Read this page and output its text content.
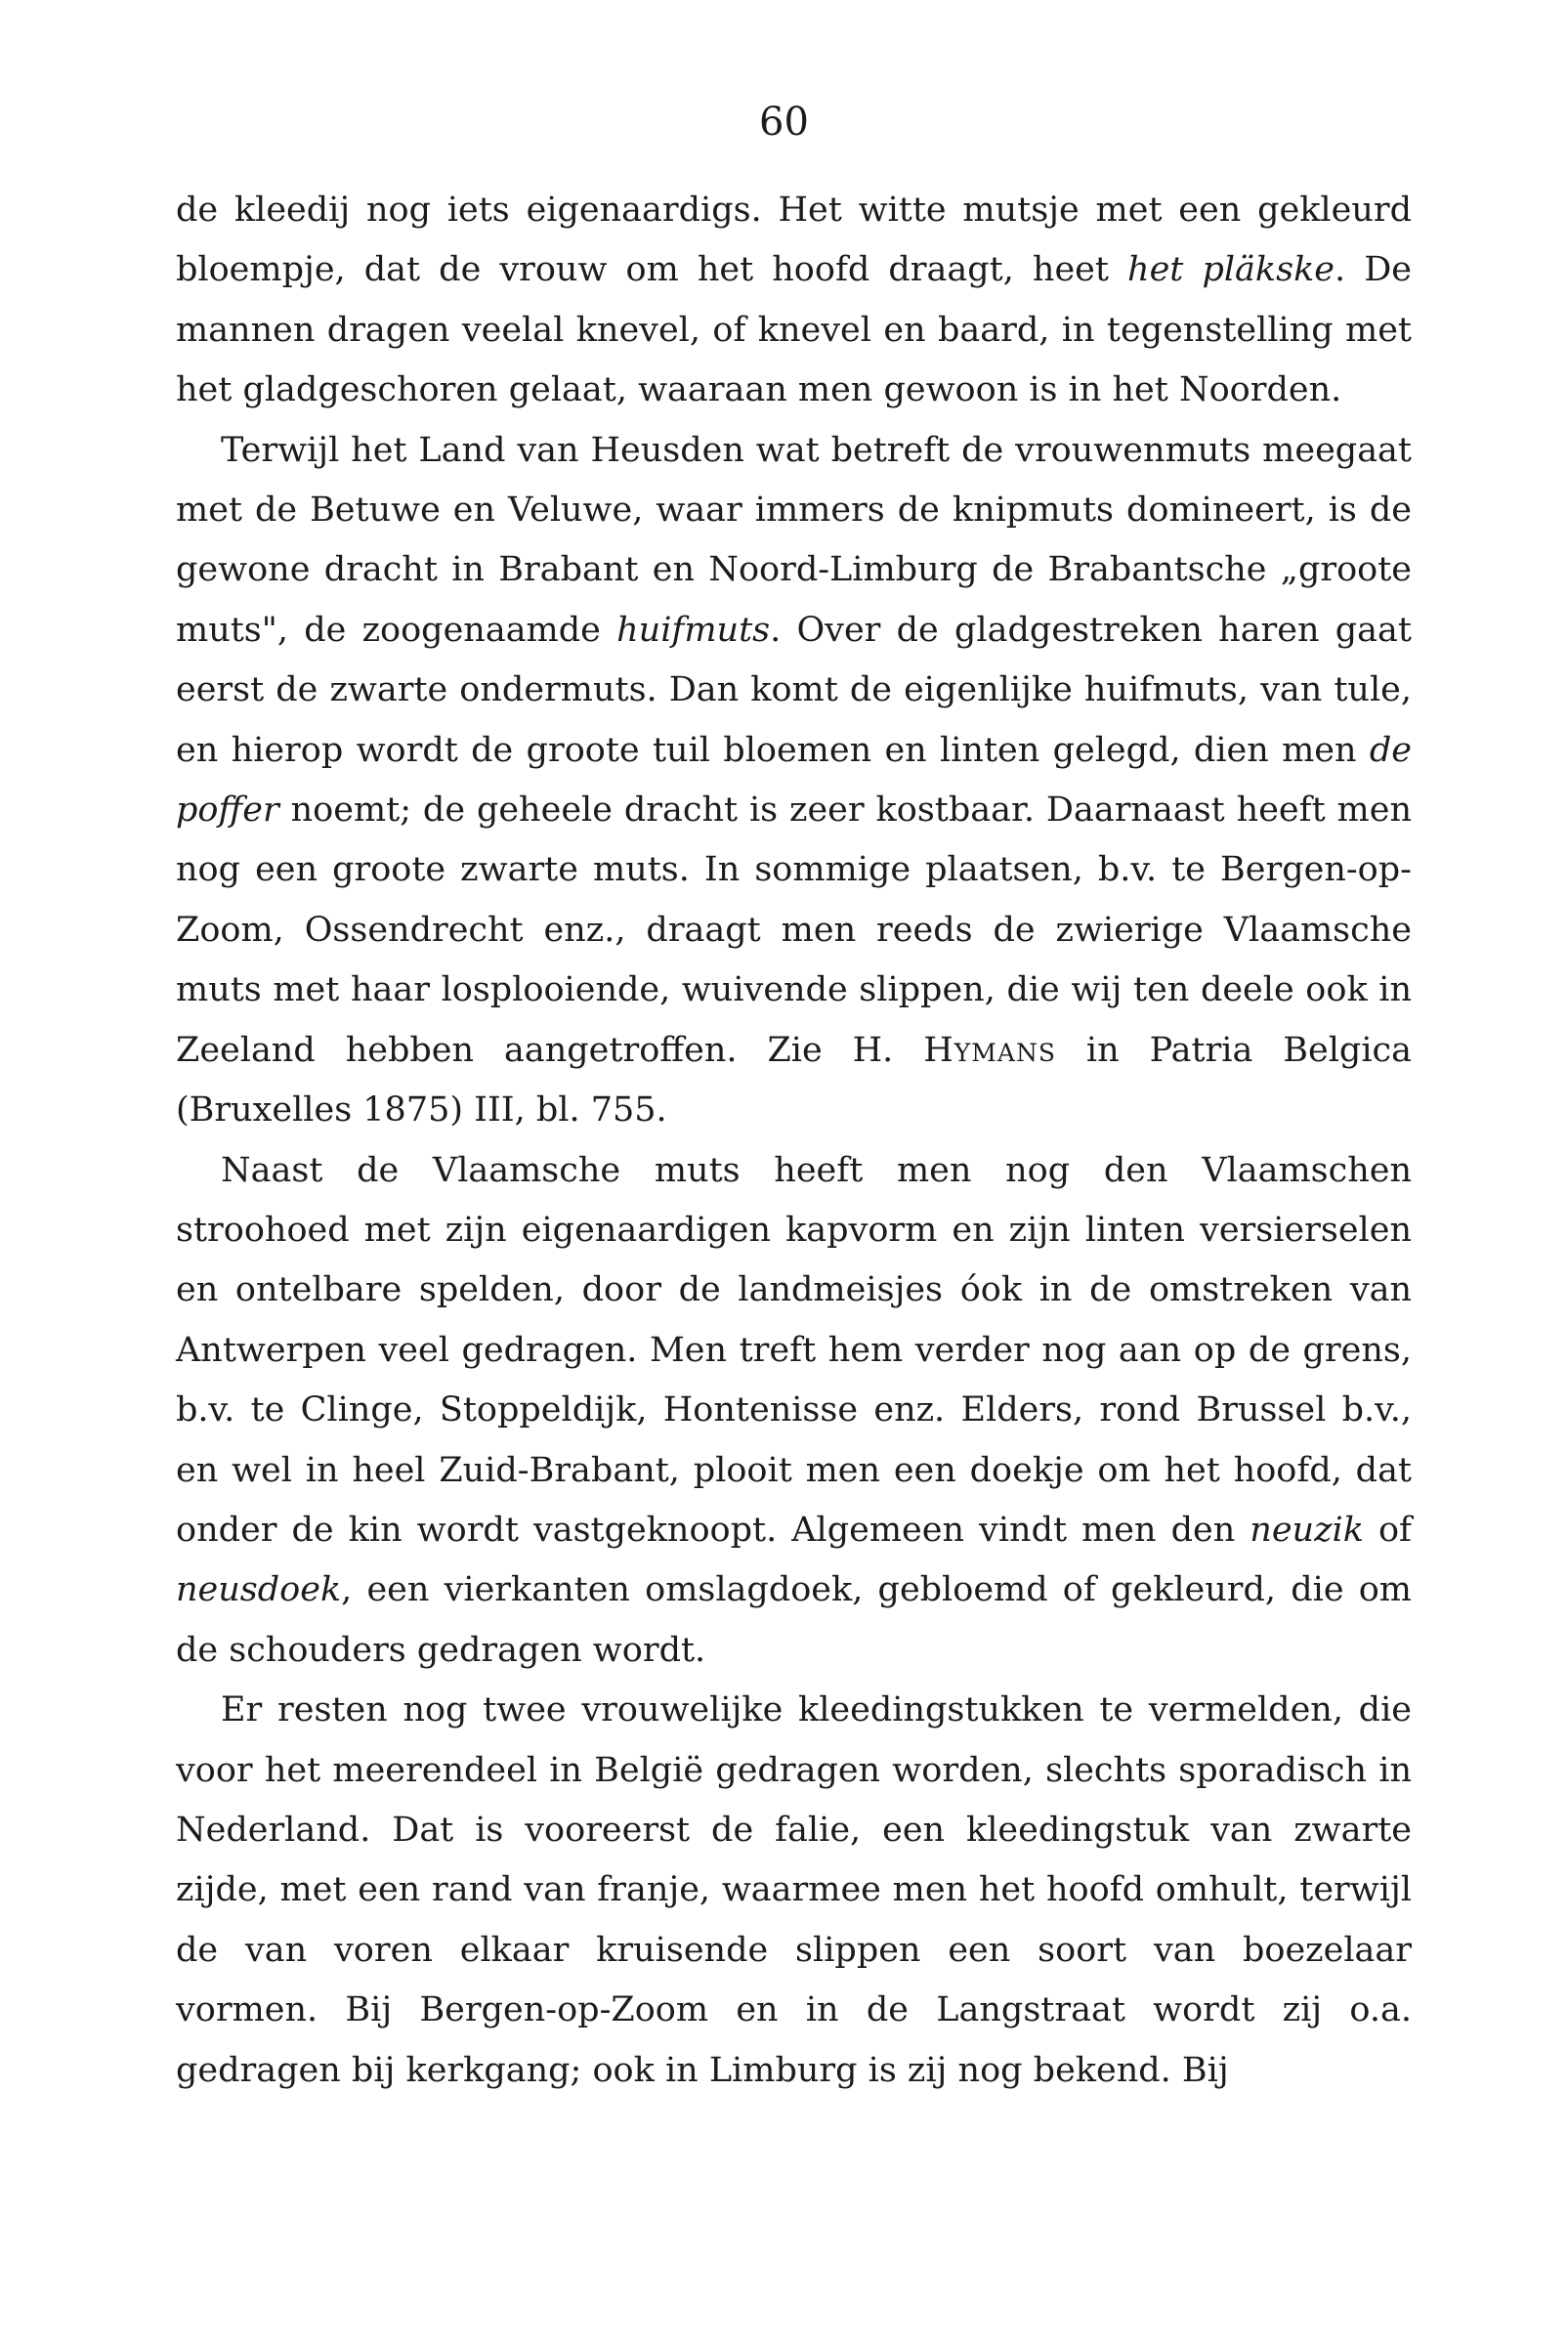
60

de kleedij nog iets eigenaardigs. Het witte mutsje met een gekleurd bloempje, dat de vrouw om het hoofd draagt, heet het pläkske. De mannen dragen veelal knevel, of knevel en baard, in tegenstelling met het gladgeschoren gelaat, waaraan men gewoon is in het Noorden.

Terwijl het Land van Heusden wat betreft de vrouwenmuts meegaat met de Betuwe en Veluwe, waar immers de knipmuts domineert, is de gewone dracht in Brabant en Noord-Limburg de Brabantsche „groote muts", de zoogenaamde huifmuts. Over de gladgestreken haren gaat eerst de zwarte ondermuts. Dan komt de eigenlijke huifmuts, van tule, en hierop wordt de groote tuil bloemen en linten gelegd, dien men de poffer noemt; de geheele dracht is zeer kostbaar. Daarnaast heeft men nog een groote zwarte muts. In sommige plaatsen, b.v. te Bergen-op-Zoom, Ossendrecht enz., draagt men reeds de zwierige Vlaamsche muts met haar losplooiende, wuivende slippen, die wij ten deele ook in Zeeland hebben aangetroffen. Zie H. Hymans in Patria Belgica (Bruxelles 1875) III, bl. 755.

Naast de Vlaamsche muts heeft men nog den Vlaamschen stroohoed met zijn eigenaardigen kapvorm en zijn linten versierselen en ontelbare spelden, door de landmeisjes óok in de omstreken van Antwerpen veel gedragen. Men treft hem verder nog aan op de grens, b.v. te Clinge, Stoppeldijk, Hontenisse enz. Elders, rond Brussel b.v., en wel in heel Zuid-Brabant, plooit men een doekje om het hoofd, dat onder de kin wordt vastgeknoopt. Algemeen vindt men den neuzik of neusdoek, een vierkanten omslagdoek, gebloemd of gekleurd, die om de schouders gedragen wordt.

Er resten nog twee vrouwelijke kleedingstukken te vermelden, die voor het meerendeel in België gedragen worden, slechts sporadisch in Nederland. Dat is vooreerst de falie, een kleedingstuk van zwarte zijde, met een rand van franje, waarmee men het hoofd omhult, terwijl de van voren elkaar kruisende slippen een soort van boezelaar vormen. Bij Bergen-op-Zoom en in de Langstraat wordt zij o.a. gedragen bij kerkgang; ook in Limburg is zij nog bekend. Bij
